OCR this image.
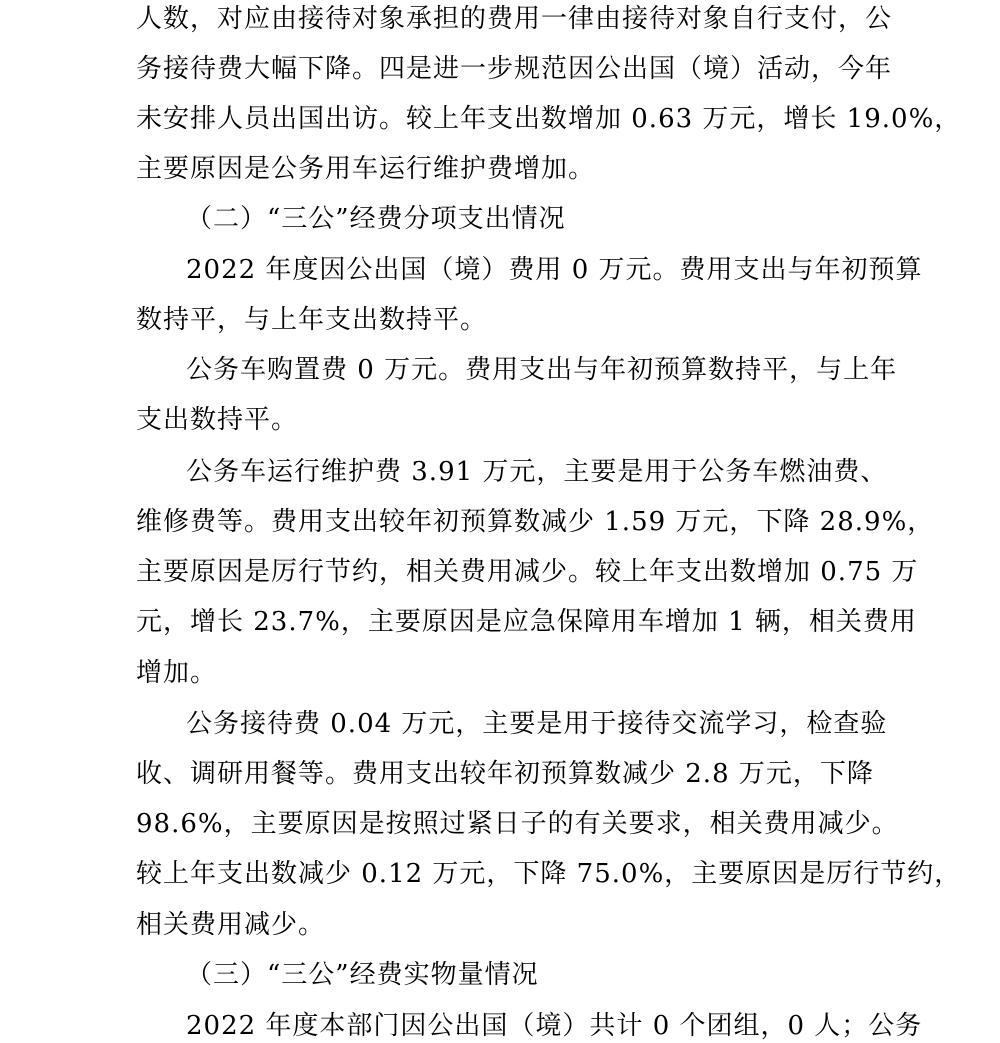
人数，对应由接待对象承担的费用一律由接待对象自行支付，公
务接待费大幅下降。四是进一步规范因公出国（境）活动，今年
未安排人员出国出访。较上年支出数增加 0.63 万元，增长 19.0%，
主要原因是公务用车运行维护费增加。
（二）“三公”经费分项支出情况
2022 年度因公出国（境）费用 0 万元。费用支出与年初预算
数持平，与上年支出数持平。
公务车购置费 0 万元。费用支出与年初预算数持平，与上年
支出数持平。
公务车运行维护费 3.91 万元，主要是用于公务车燃油费、
维修费等。费用支出较年初预算数减少 1.59 万元，下降 28.9%，
主要原因是厉行节约，相关费用减少。较上年支出数增加 0.75 万
元，增长 23.7%，主要原因是应急保障用车增加 1 辆，相关费用
增加。
公务接待费 0.04 万元，主要是用于接待交流学习，检查验
收、调研用餐等。费用支出较年初预算数减少 2.8 万元，下降
98.6%，主要原因是按照过紧日子的有关要求，相关费用减少。
较上年支出数减少 0.12 万元，下降 75.0%，主要原因是厉行节约，
相关费用减少。
（三）“三公”经费实物量情况
2022 年度本部门因公出国（境）共计 0 个团组，0 人；公务
